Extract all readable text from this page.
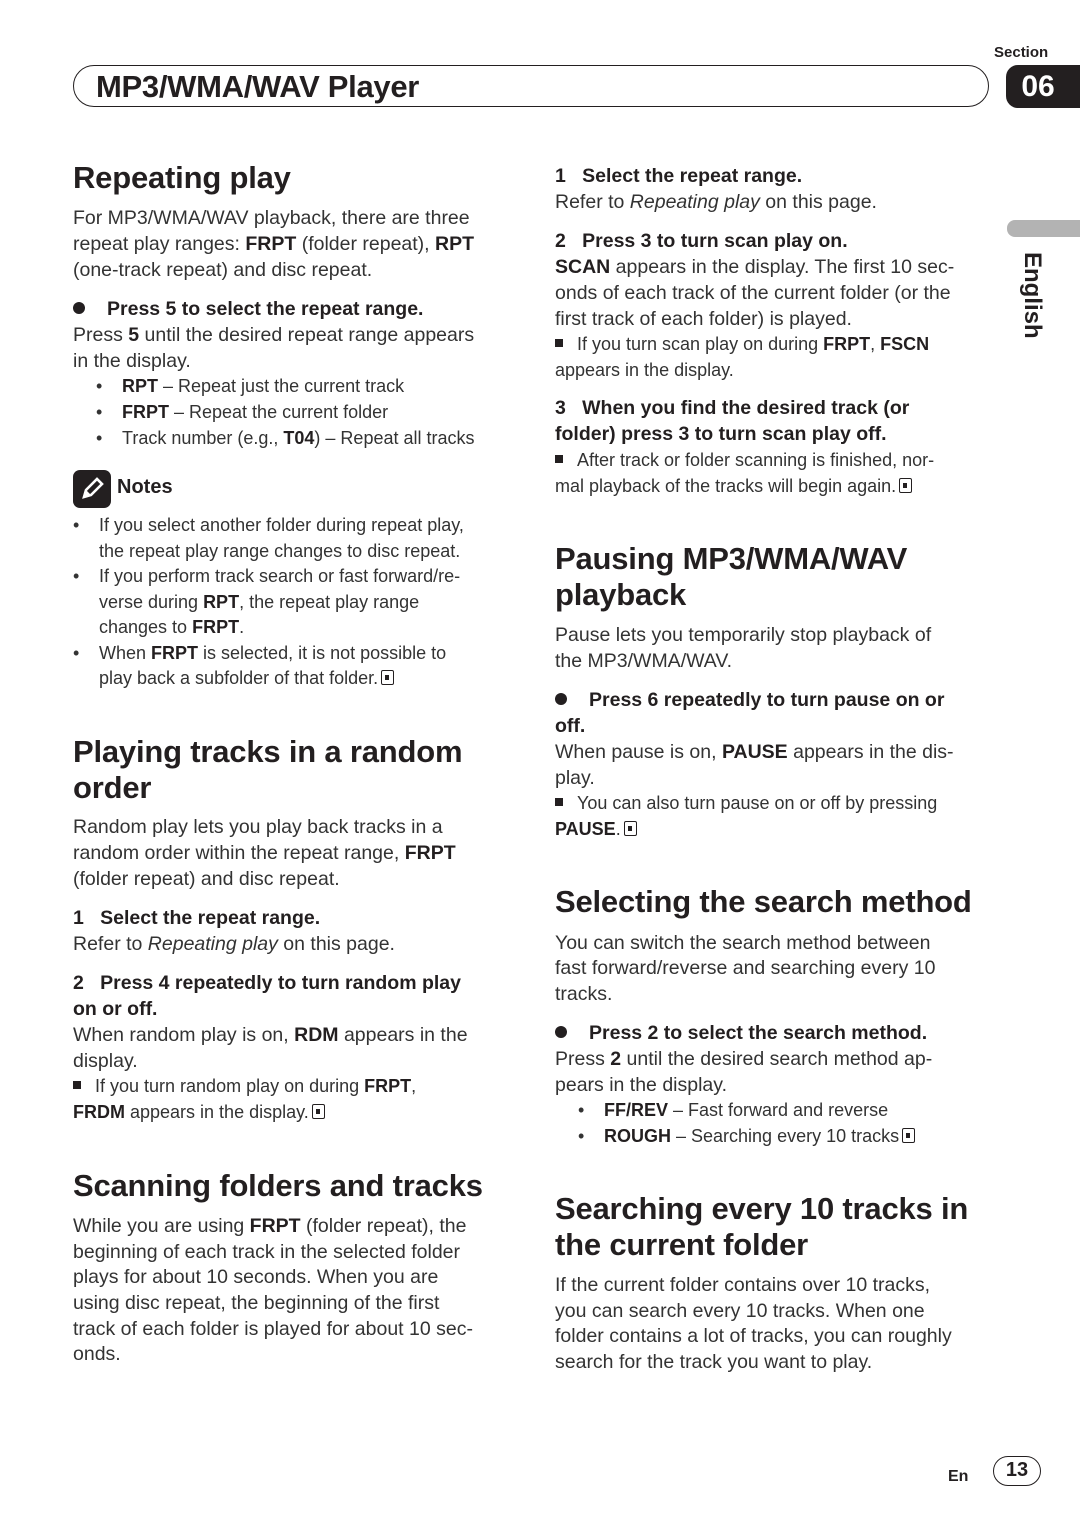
MP3/WMA/WAV Player
Section
06
English
Repeating play
For MP3/WMA/WAV playback, there are three
repeat play ranges: FRPT (folder repeat), RPT
(one-track repeat) and disc repeat.
Press 5 to select the repeat range.
Press 5 until the desired repeat range appears
in the display.
• RPT – Repeat just the current track
• FRPT – Repeat the current folder
• Track number (e.g., T04) – Repeat all tracks
Notes
• If you select another folder during repeat play,
the repeat play range changes to disc repeat.
• If you perform track search or fast forward/re-
verse during RPT, the repeat play range
changes to FRPT.
• When FRPT is selected, it is not possible to
play back a subfolder of that folder.
Playing tracks in a random
order
Random play lets you play back tracks in a
random order within the repeat range, FRPT
(folder repeat) and disc repeat.
1 Select the repeat range.
Refer to Repeating play on this page.
2 Press 4 repeatedly to turn random play
on or off.
When random play is on, RDM appears in the
display.
If you turn random play on during FRPT,
FRDM appears in the display.
Scanning folders and tracks
While you are using FRPT (folder repeat), the
beginning of each track in the selected folder
plays for about 10 seconds. When you are
using disc repeat, the beginning of the first
track of each folder is played for about 10 sec-
onds.
1 Select the repeat range.
Refer to Repeating play on this page.
2 Press 3 to turn scan play on.
SCAN appears in the display. The first 10 sec-
onds of each track of the current folder (or the
first track of each folder) is played.
If you turn scan play on during FRPT, FSCN
appears in the display.
3 When you find the desired track (or
folder) press 3 to turn scan play off.
After track or folder scanning is finished, nor-
mal playback of the tracks will begin again.
Pausing MP3/WMA/WAV
playback
Pause lets you temporarily stop playback of
the MP3/WMA/WAV.
Press 6 repeatedly to turn pause on or
off.
When pause is on, PAUSE appears in the dis-
play.
You can also turn pause on or off by pressing
PAUSE.
Selecting the search method
You can switch the search method between
fast forward/reverse and searching every 10
tracks.
Press 2 to select the search method.
Press 2 until the desired search method ap-
pears in the display.
• FF/REV – Fast forward and reverse
• ROUGH – Searching every 10 tracks
Searching every 10 tracks in
the current folder
If the current folder contains over 10 tracks,
you can search every 10 tracks. When one
folder contains a lot of tracks, you can roughly
search for the track you want to play.
En	13
